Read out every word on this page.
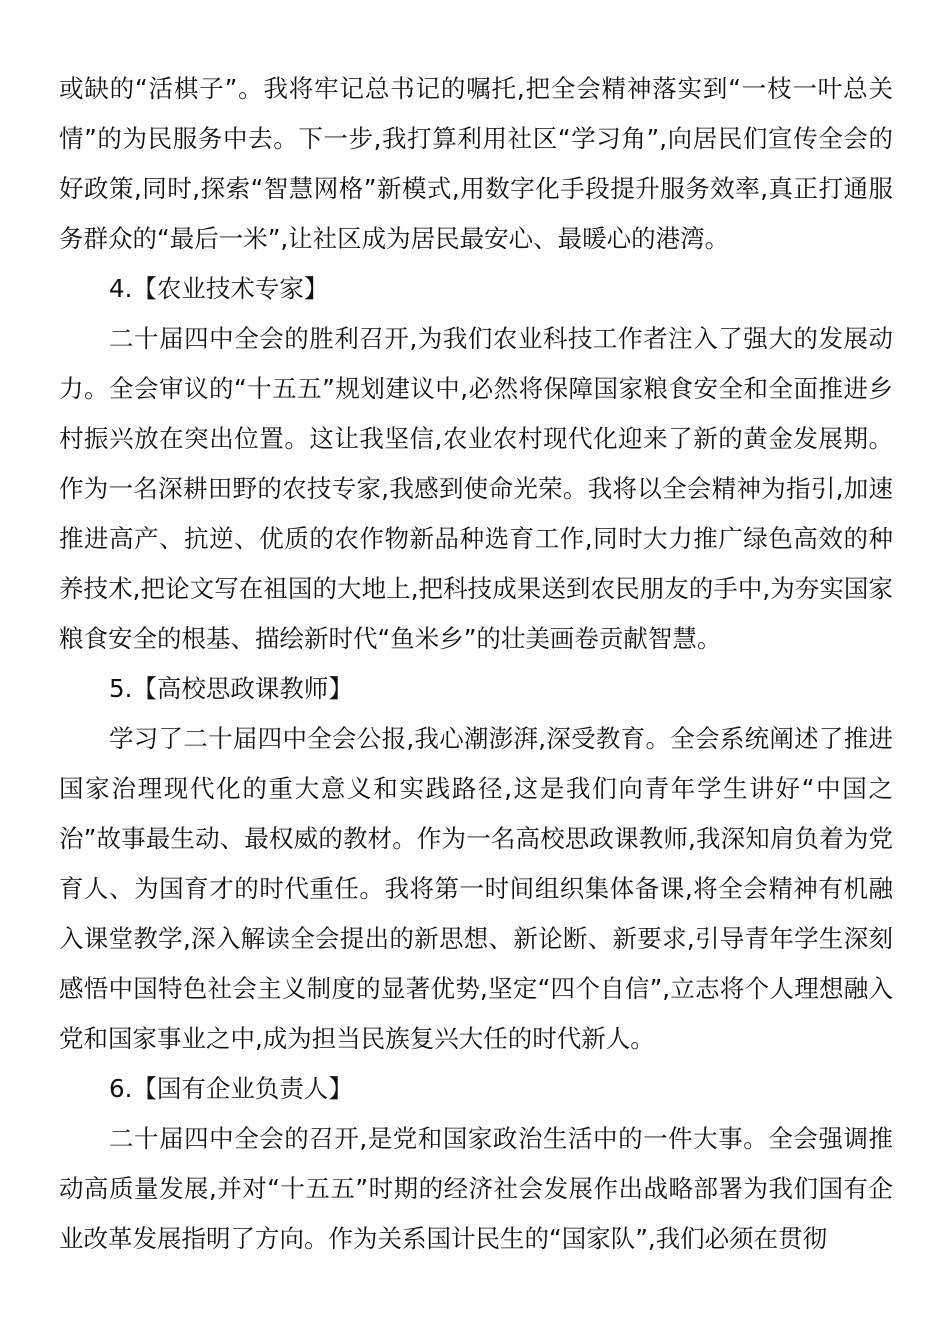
或缺的“活棋子”。我将牢记总书记的嘱托,把全会精神落实到“一枝一叶总关情”的为民服务中去。下一步,我打算利用社区“学习角”,向居民们宣传全会的好政策,同时,探索“智慧网格”新模式,用数字化手段提升服务效率,真正打通服务群众的“最后一米”,让社区成为居民最安心、最暖心的港湾。

4.【农业技术专家】

二十届四中全会的胜利召开,为我们农业科技工作者注入了强大的发展动力。全会审议的“十五五”规划建议中,必然将保障国家粮食安全和全面推进乡村振兴放在突出位置。这让我坚信,农业农村现代化迎来了新的黄金发展期。作为一名深耕田野的农技专家,我感到使命光荣。我将以全会精神为指引,加速推进高产、抗逆、优质的农作物新品种选育工作,同时大力推广绿色高效的种养技术,把论文写在祖国的大地上,把科技成果送到农民朋友的手中,为夯实国家粮食安全的根基、描绘新时代“鱼米乡”的壮美画卷贡献智慧。

5.【高校思政课教师】

学习了二十届四中全会公报,我心潮澎湃,深受教育。全会系统阐述了推进国家治理现代化的重大意义和实践路径,这是我们向青年学生讲好“中国之治”故事最生动、最权威的教材。作为一名高校思政课教师,我深知肩负着为党育人、为国育才的时代重任。我将第一时间组织集体备课,将全会精神有机融入课堂教学,深入解读全会提出的新思想、新论断、新要求,引导青年学生深刻感悟中国特色社会主义制度的显著优势,坚定“四个自信”,立志将个人理想融入党和国家事业之中,成为担当民族复兴大任的时代新人。

6.【国有企业负责人】

二十届四中全会的召开,是党和国家政治生活中的一件大事。全会强调推动高质量发展,并对“十五五”时期的经济社会发展作出战略部署为我们国有企业改革发展指明了方向。作为关系国计民生的“国家队”,我们必须在贯彻
